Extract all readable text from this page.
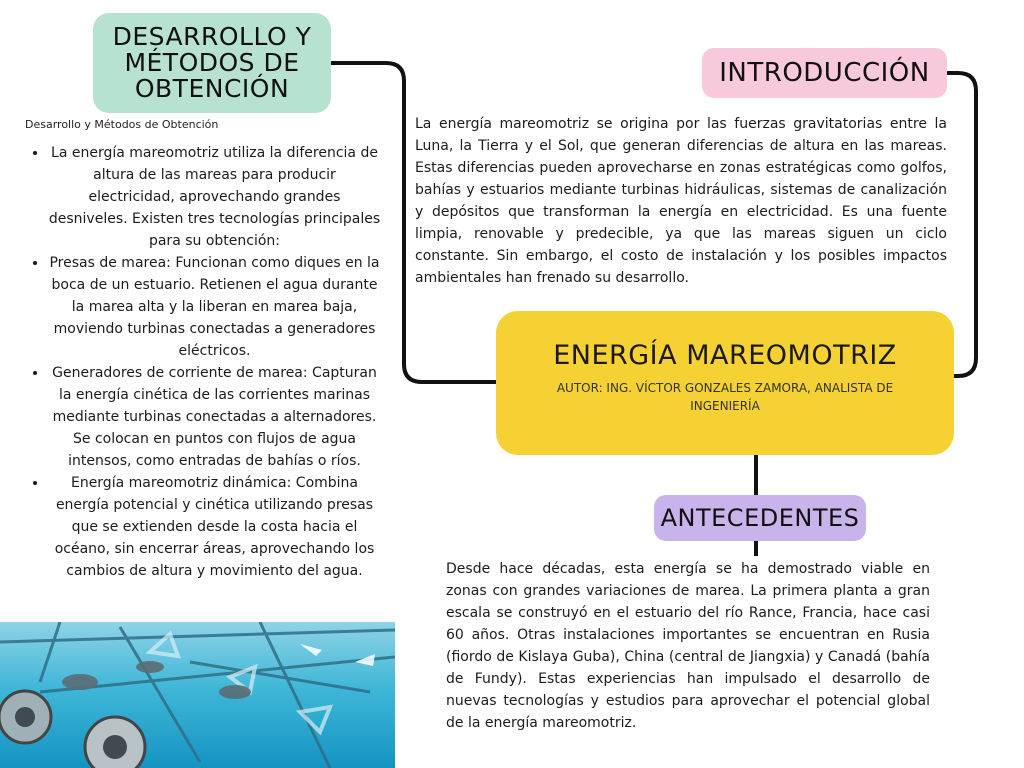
DESARROLLO Y
MÉTODOS DE
OBTENCIÓN
Desarrollo y Métodos de Obtención
• La energía mareomotriz utiliza la diferencia de altura de las mareas para producir electricidad, aprovechando grandes desniveles. Existen tres tecnologías principales para su obtención:
• Presas de marea: Funcionan como diques en la boca de un estuario. Retienen el agua durante la marea alta y la liberan en marea baja, moviendo turbinas conectadas a generadores eléctricos.
• Generadores de corriente de marea: Capturan la energía cinética de las corrientes marinas mediante turbinas conectadas a alternadores. Se colocan en puntos con flujos de agua intensos, como entradas de bahías o ríos.
• Energía mareomotriz dinámica: Combina energía potencial y cinética utilizando presas que se extienden desde la costa hacia el océano, sin encerrar áreas, aprovechando los cambios de altura y movimiento del agua.
INTRODUCCIÓN

La energía mareomotriz se origina por las fuerzas gravitatorias entre la Luna, la Tierra y el Sol, que generan diferencias de altura en las mareas. Estas diferencias pueden aprovecharse en zonas estratégicas como golfos, bahías y estuarios mediante turbinas hidráulicas, sistemas de canalización y depósitos que transforman la energía en electricidad. Es una fuente limpia, renovable y predecible, ya que las mareas siguen un ciclo constante. Sin embargo, el costo de instalación y los posibles impactos ambientales han frenado su desarrollo.

ENERGÍA MAREOMOTRIZ
AUTOR: ING. VÍCTOR GONZALES ZAMORA, ANALISTA DE INGENIERÍA
ANTECEDENTES

Desde hace décadas, esta energía se ha demostrado viable en zonas con grandes variaciones de marea. La primera planta a gran escala se construyó en el estuario del río Rance, Francia, hace casi 60 años. Otras instalaciones importantes se encuentran en Rusia (fiordo de Kislaya Guba), China (central de Jiangxia) y Canadá (bahía de Fundy). Estas experiencias han impulsado el desarrollo de nuevas tecnologías y estudios para aprovechar el potencial global de la energía mareomotriz.
